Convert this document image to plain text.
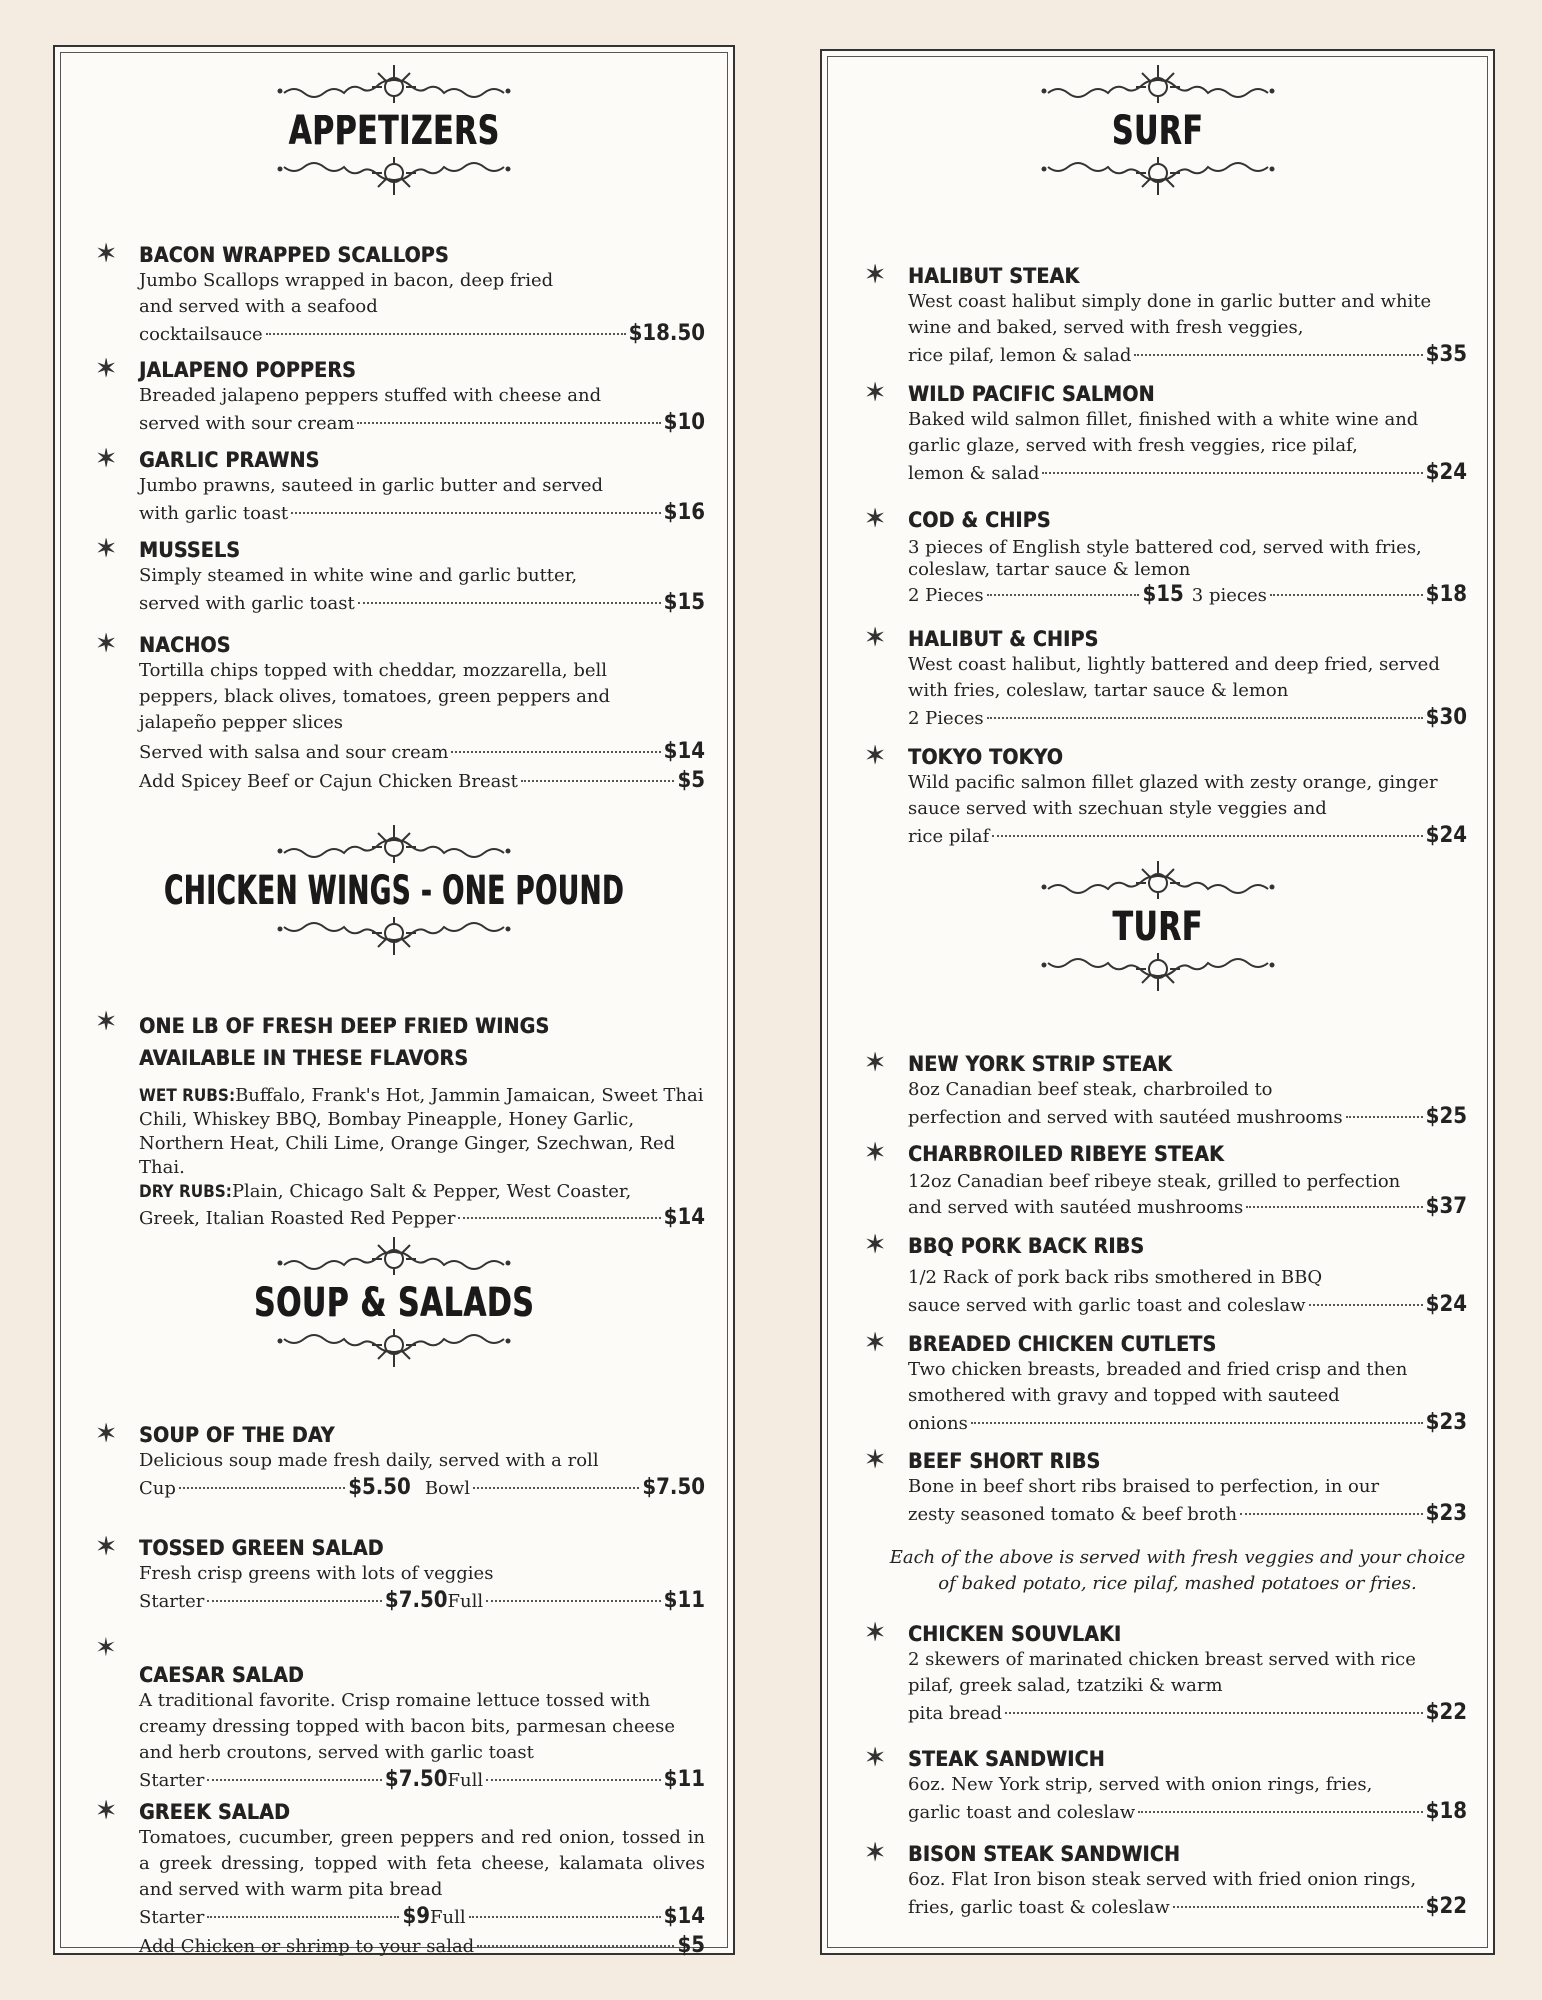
APPETIZERS

✶ BACON WRAPPED SCALLOPS

Jumbo Scallops wrapped in bacon, deep fried and served with a seafood

cocktailsauce	$18.50

✶ JALAPENO POPPERS

Breaded jalapeno peppers stuffed with cheese and

served with sour cream	$10

✶ GARLIC PRAWNS

Jumbo prawns, sauteed in garlic butter and served

with garlic toast	$16

✶ MUSSELS

Simply steamed in white wine and garlic butter,

served with garlic toast	$15

✶ NACHOS

Tortilla chips topped with cheddar, mozzarella, bell peppers, black olives, tomatoes, green peppers and jalapeño pepper slices

Served with salsa and sour cream	$14
Add Spicey Beef or Cajun Chicken Breast	$5
CHICKEN WINGS - ONE POUND

✶ ONE LB OF FRESH DEEP FRIED WINGS AVAILABLE IN THESE FLAVORS

WET RUBS:Buffalo, Frank's Hot, Jammin Jamaican, Sweet Thai Chili, Whiskey BBQ, Bombay Pineapple, Honey Garlic, Northern Heat, Chili Lime, Orange Ginger, Szechwan, Red Thai.

DRY RUBS:Plain, Chicago Salt & Pepper, West Coaster,

Greek, Italian Roasted Red Pepper	$14
SOUP & SALADS

✶ SOUP OF THE DAY

Delicious soup made fresh daily, served with a roll

Cup	$5.50 Bowl	$7.50

✶ TOSSED GREEN SALAD

Fresh crisp greens with lots of veggies

Starter	$7.50 Full	$11
✶

CAESAR SALAD

A traditional favorite. Crisp romaine lettuce tossed with creamy dressing topped with bacon bits, parmesan cheese and herb croutons, served with garlic toast

Starter	$7.50 Full	$11

✶ GREEK SALAD

Tomatoes, cucumber, green peppers and red onion, tossed in a greek dressing, topped with feta cheese, kalamata olives and served with warm pita bread

Starter	$9 Full	$14
Add Chicken or shrimp to your salad	$5
SURF

✶ HALIBUT STEAK

West coast halibut simply done in garlic butter and white wine and baked, served with fresh veggies,

rice pilaf, lemon & salad	$35

✶ WILD PACIFIC SALMON

Baked wild salmon fillet, finished with a white wine and garlic glaze, served with fresh veggies, rice pilaf,

lemon & salad	$24

✶ COD & CHIPS

3 pieces of English style battered cod, served with fries, coleslaw, tartar sauce & lemon

2 Pieces	$15 3 pieces	$18

✶ HALIBUT & CHIPS

West coast halibut, lightly battered and deep fried, served with fries, coleslaw, tartar sauce & lemon

2 Pieces	$30

✶ TOKYO TOKYO

Wild pacific salmon fillet glazed with zesty orange, ginger sauce served with szechuan style veggies and

rice pilaf	$24
TURF

✶ NEW YORK STRIP STEAK

8oz Canadian beef steak, charbroiled to

perfection and served with sautéed mushrooms	$25

✶ CHARBROILED RIBEYE STEAK

12oz Canadian beef ribeye steak, grilled to perfection

and served with sautéed mushrooms	$37

✶ BBQ PORK BACK RIBS

1/2 Rack of pork back ribs smothered in BBQ

sauce served with garlic toast and coleslaw	$24

✶ BREADED CHICKEN CUTLETS

Two chicken breasts, breaded and fried crisp and then smothered with gravy and topped with sauteed

onions	$23

✶ BEEF SHORT RIBS

Bone in beef short ribs braised to perfection, in our

zesty seasoned tomato & beef broth	$23

Each of the above is served with fresh veggies and your choice of baked potato, rice pilaf, mashed potatoes or fries.

✶ CHICKEN SOUVLAKI

2 skewers of marinated chicken breast served with rice pilaf, greek salad, tzatziki & warm

pita bread	$22

✶ STEAK SANDWICH

6oz. New York strip, served with onion rings, fries,

garlic toast and coleslaw	$18

✶ BISON STEAK SANDWICH

6oz. Flat Iron bison steak served with fried onion rings,

fries, garlic toast & coleslaw	$22
